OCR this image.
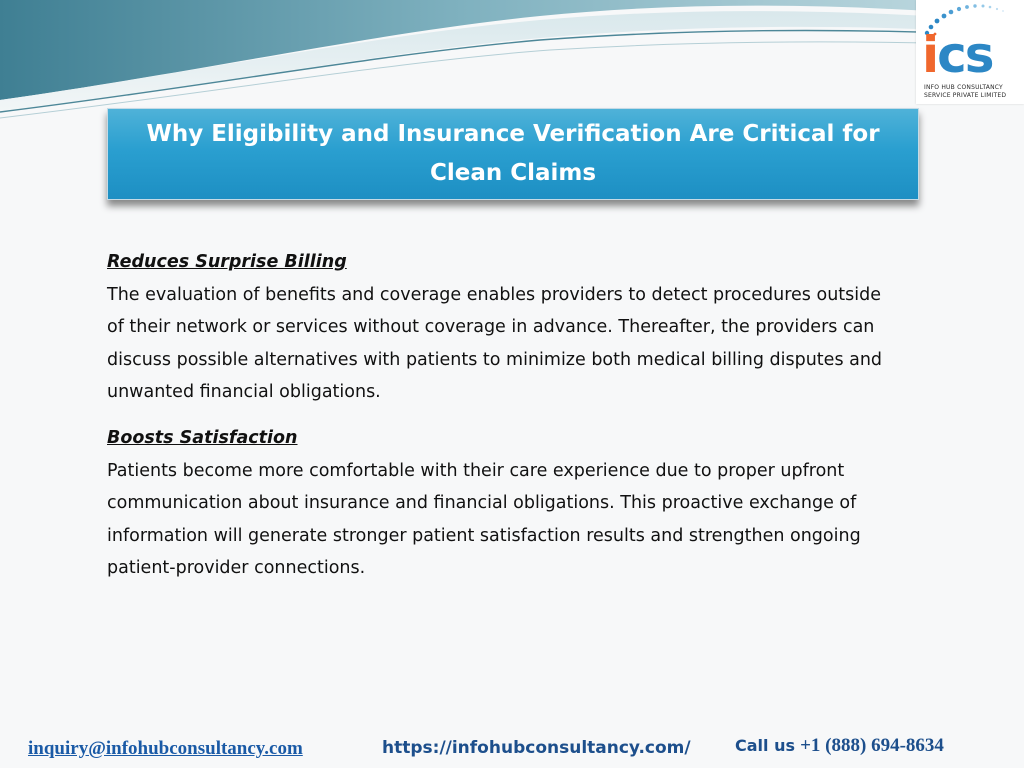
ics
INFO HUB CONSULTANCY
SERVICE PRIVATE LIMITED
Why Eligibility and Insurance Verification Are Critical for Clean Claims
Reduces Surprise Billing

The evaluation of benefits and coverage enables providers to detect procedures outside of their network or services without coverage in advance. Thereafter, the providers can discuss possible alternatives with patients to minimize both medical billing disputes and unwanted financial obligations.

Boosts Satisfaction

Patients become more comfortable with their care experience due to proper upfront communication about insurance and financial obligations. This proactive exchange of information will generate stronger patient satisfaction results and strengthen ongoing patient-provider connections.

inquiry@infohubconsultancy.com	https://infohubconsultancy.com/	Call us +1 (888) 694-8634
